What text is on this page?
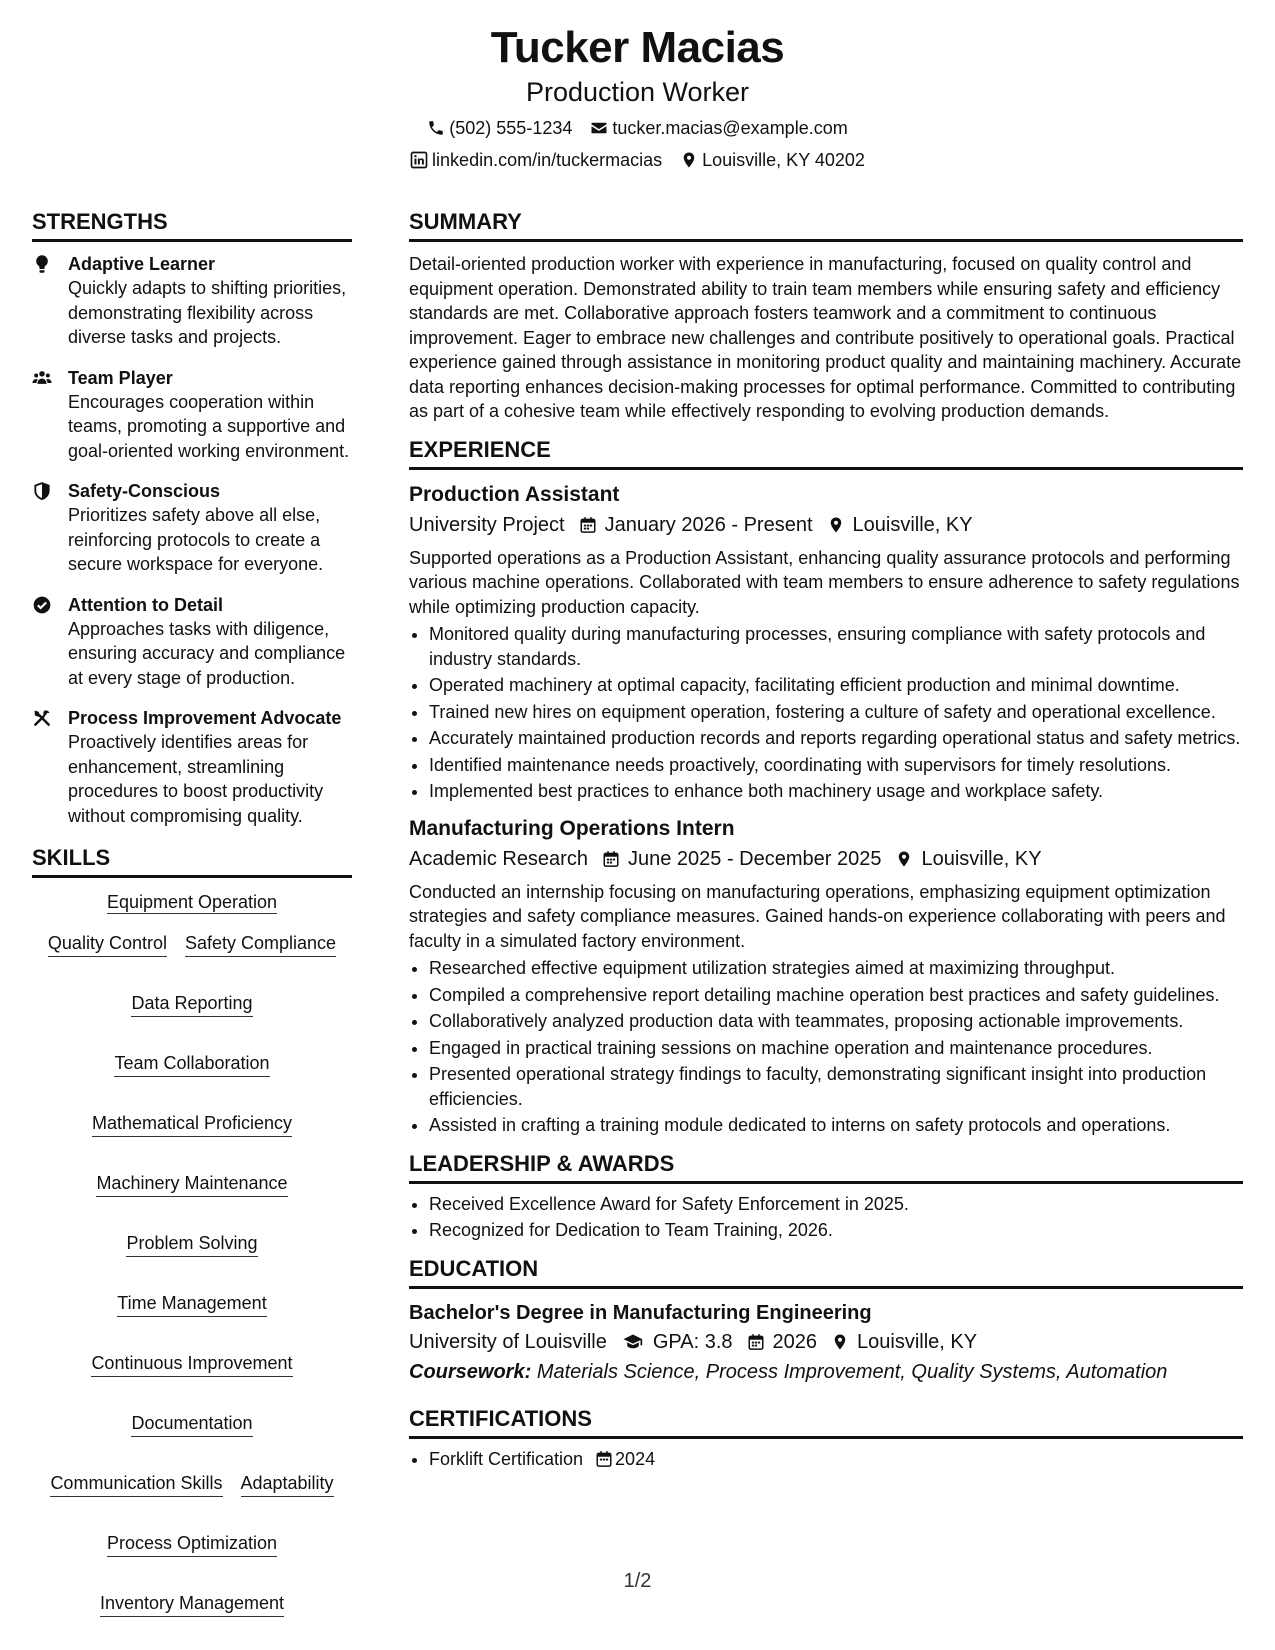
Tucker Macias
Production Worker
(502) 555-1234 tucker.macias@example.com
linkedin.com/in/tuckermacias Louisville, KY 40202
STRENGTHS
Adaptive Learner
Quickly adapts to shifting priorities, demonstrating flexibility across diverse tasks and projects.
Team Player
Encourages cooperation within teams, promoting a supportive and goal-oriented working environment.
Safety-Conscious
Prioritizes safety above all else, reinforcing protocols to create a secure workspace for everyone.
Attention to Detail
Approaches tasks with diligence, ensuring accuracy and compliance at every stage of production.
Process Improvement Advocate
Proactively identifies areas for enhancement, streamlining procedures to boost productivity without compromising quality.
SKILLS
Equipment Operation
Quality Control Safety Compliance
Data Reporting
Team Collaboration
Mathematical Proficiency
Machinery Maintenance
Problem Solving
Time Management
Continuous Improvement
Documentation
Communication Skills Adaptability
Process Optimization
Inventory Management
SUMMARY

Detail-oriented production worker with experience in manufacturing, focused on quality control and equipment operation. Demonstrated ability to train team members while ensuring safety and efficiency standards are met. Collaborative approach fosters teamwork and a commitment to continuous improvement. Eager to embrace new challenges and contribute positively to operational goals. Practical experience gained through assistance in monitoring product quality and maintaining machinery. Accurate data reporting enhances decision-making processes for optimal performance. Committed to contributing as part of a cohesive team while effectively responding to evolving production demands.

EXPERIENCE
Production Assistant
University Project January 2026 - Present Louisville, KY

Supported operations as a Production Assistant, enhancing quality assurance protocols and performing various machine operations. Collaborated with team members to ensure adherence to safety regulations while optimizing production capacity.

• Monitored quality during manufacturing processes, ensuring compliance with safety protocols and industry standards.
• Operated machinery at optimal capacity, facilitating efficient production and minimal downtime.
• Trained new hires on equipment operation, fostering a culture of safety and operational excellence.
• Accurately maintained production records and reports regarding operational status and safety metrics.
• Identified maintenance needs proactively, coordinating with supervisors for timely resolutions.
• Implemented best practices to enhance both machinery usage and workplace safety.
Manufacturing Operations Intern
Academic Research June 2025 - December 2025 Louisville, KY

Conducted an internship focusing on manufacturing operations, emphasizing equipment optimization strategies and safety compliance measures. Gained hands-on experience collaborating with peers and faculty in a simulated factory environment.

• Researched effective equipment utilization strategies aimed at maximizing throughput.
• Compiled a comprehensive report detailing machine operation best practices and safety guidelines.
• Collaboratively analyzed production data with teammates, proposing actionable improvements.
• Engaged in practical training sessions on machine operation and maintenance procedures.
• Presented operational strategy findings to faculty, demonstrating significant insight into production efficiencies.
• Assisted in crafting a training module dedicated to interns on safety protocols and operations.
LEADERSHIP & AWARDS
• Received Excellence Award for Safety Enforcement in 2025.
• Recognized for Dedication to Team Training, 2026.
EDUCATION
Bachelor's Degree in Manufacturing Engineering
University of Louisville GPA: 3.8 2026 Louisville, KY
Coursework: Materials Science, Process Improvement, Quality Systems, Automation
CERTIFICATIONS
• Forklift Certification 2024
1/2
